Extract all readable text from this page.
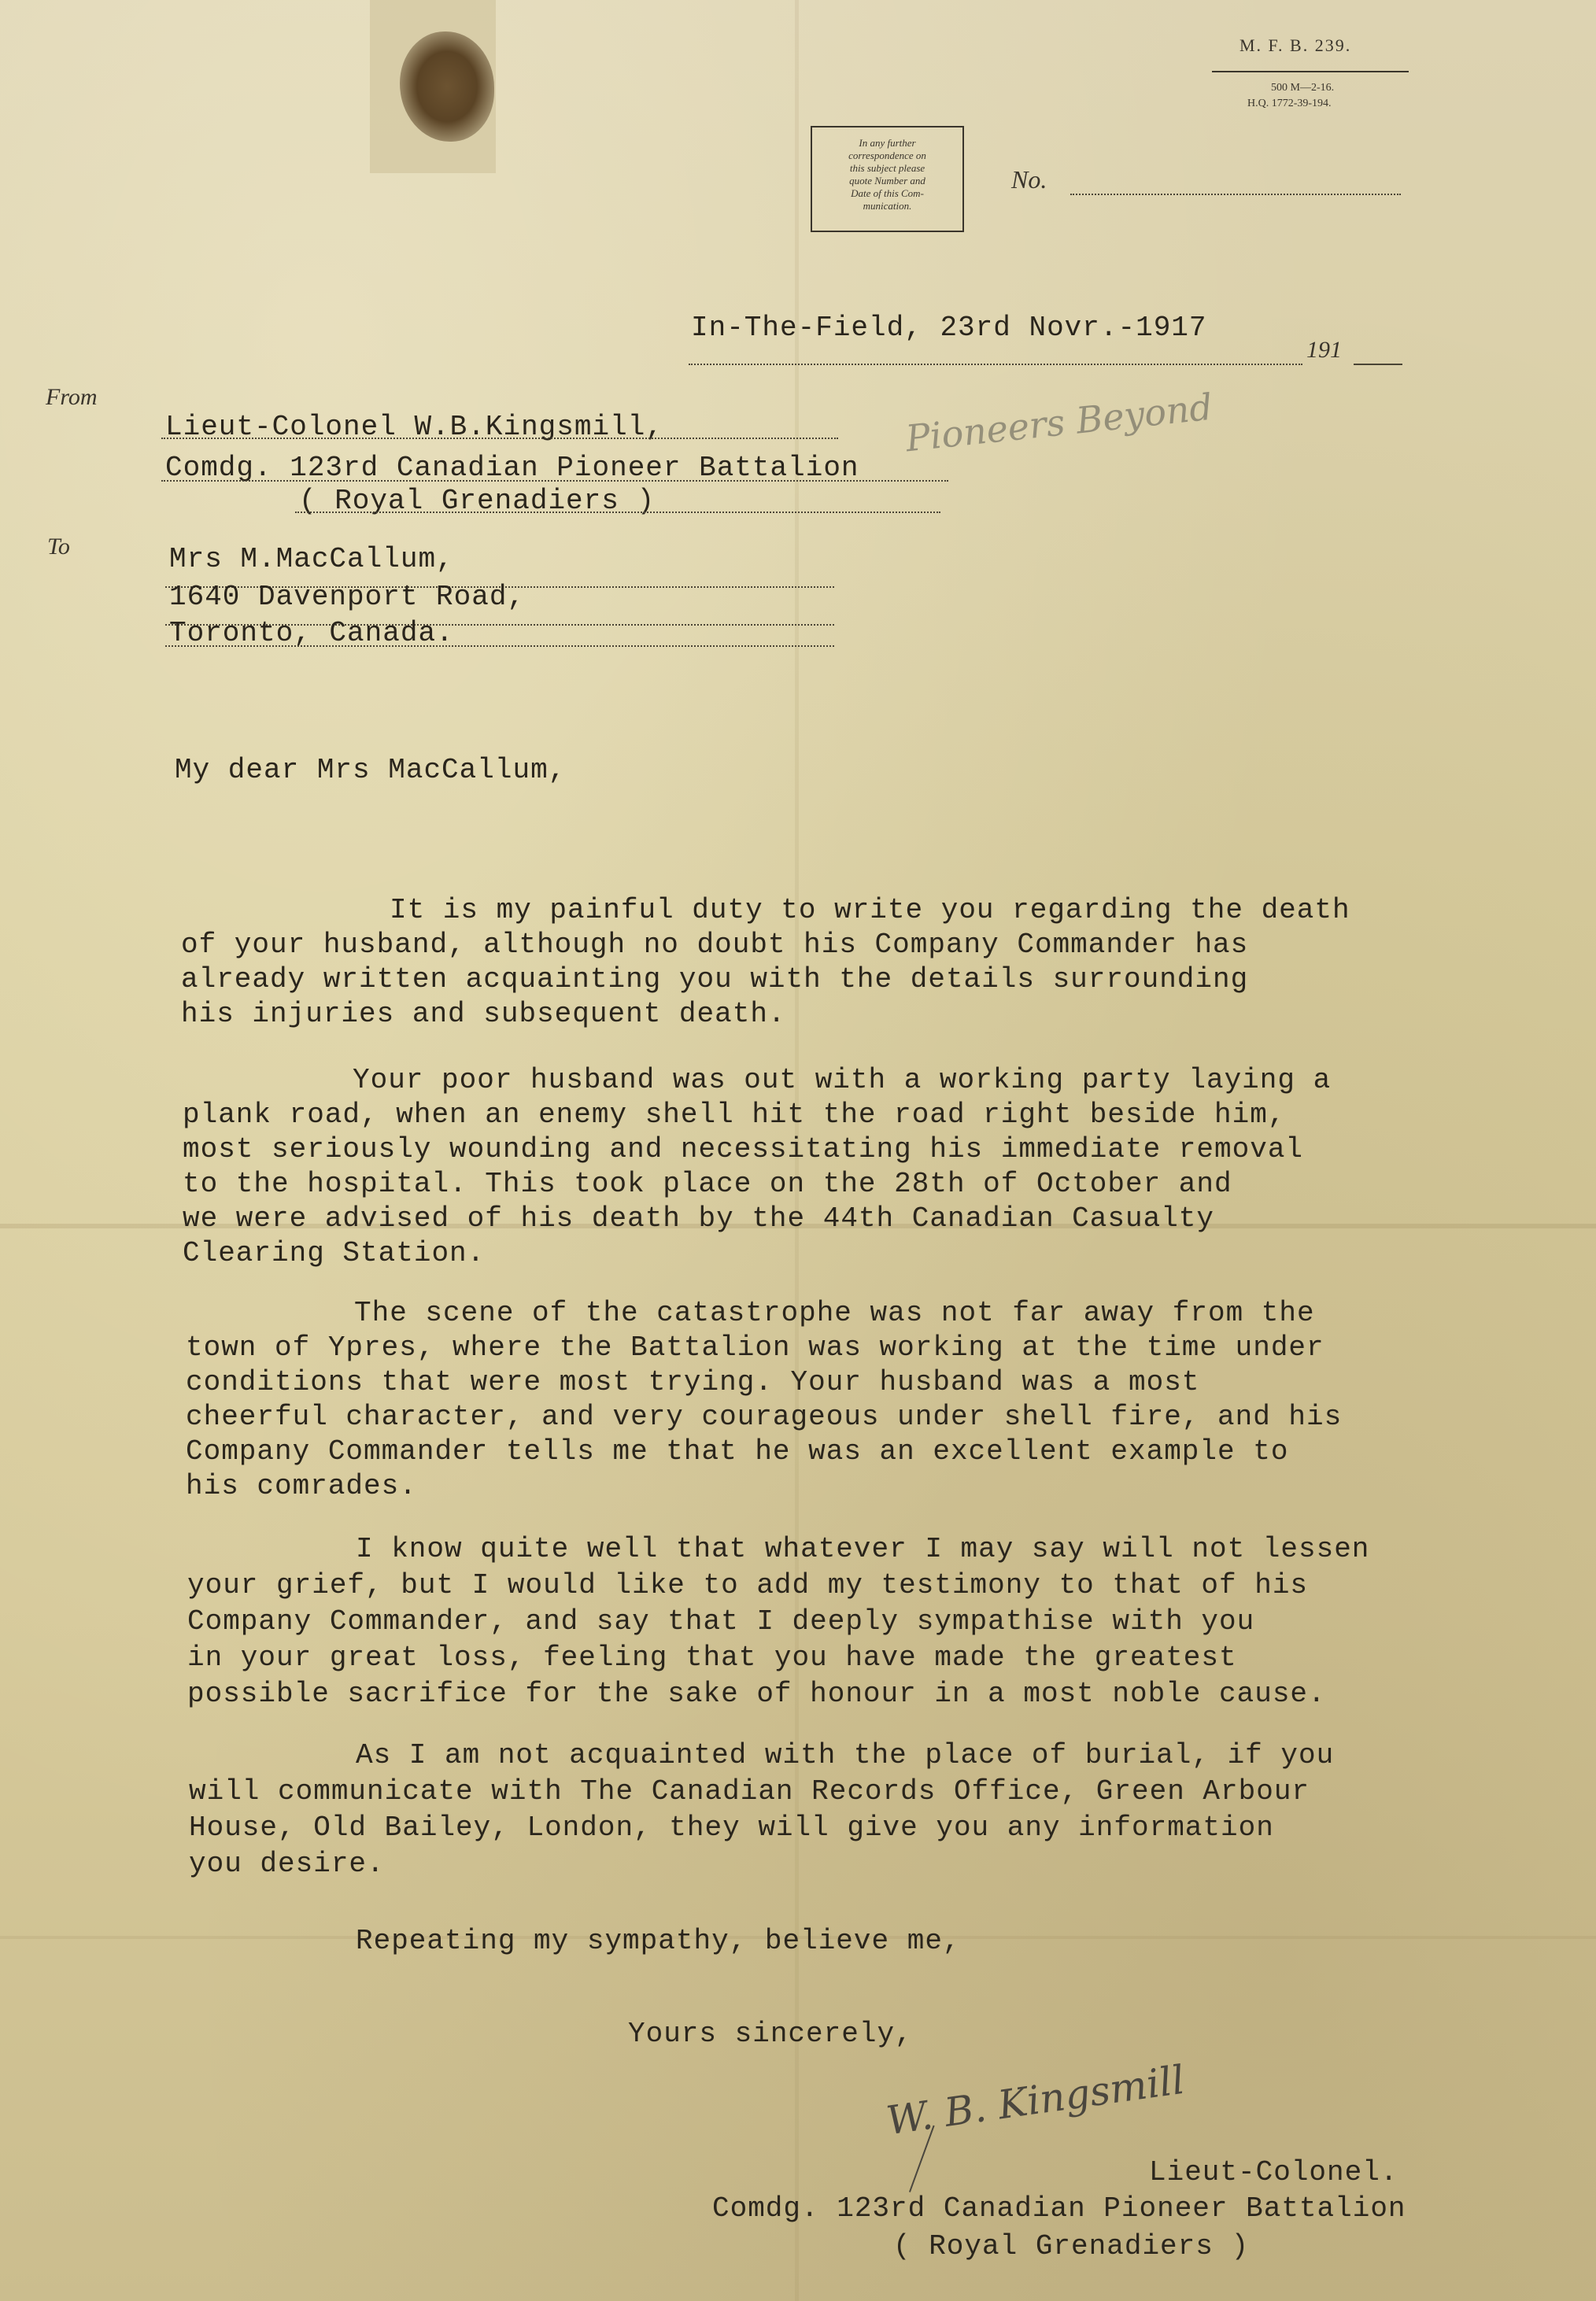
M. F. B. 239.
500 M—2-16.
H.Q. 1772-39-194.
In any further
correspondence on
this subject please
quote Number and
Date of this Com-
munication.
No.
In-The-Field, 23rd Novr.-1917
191
From
Lieut-Colonel W.B.Kingsmill,
Comdg. 123rd Canadian Pioneer Battalion
( Royal Grenadiers )
Pioneers Beyond
To	Mrs M.MacCallum,
1640 Davenport Road,
Toronto, Canada.
My dear Mrs MacCallum,
It is my painful duty to write you regarding the death
of your husband, although no doubt his Company Commander has
already written acquainting you with the details surrounding
his injuries and subsequent death.
Your poor husband was out with a working party laying a
plank road, when an enemy shell hit the road right beside him,
most seriously wounding and necessitating his immediate removal
to the hospital. This took place on the 28th of October and
we were advised of his death by the 44th Canadian Casualty
Clearing Station.
The scene of the catastrophe was not far away from the
town of Ypres, where the Battalion was working at the time under
conditions that were most trying. Your husband was a most
cheerful character, and very courageous under shell fire, and his
Company Commander tells me that he was an excellent example to
his comrades.
I know quite well that whatever I may say will not lessen
your grief, but I would like to add my testimony to that of his
Company Commander, and say that I deeply sympathise with you
in your great loss, feeling that you have made the greatest
possible sacrifice for the sake of honour in a most noble cause.
As I am not acquainted with the place of burial, if you
will communicate with The Canadian Records Office, Green Arbour
House, Old Bailey, London, they will give you any information
you desire.
Repeating my sympathy, believe me,
Yours sincerely,
W. B. Kingsmill
Lieut-Colonel.
Comdg. 123rd Canadian Pioneer Battalion
( Royal Grenadiers )
